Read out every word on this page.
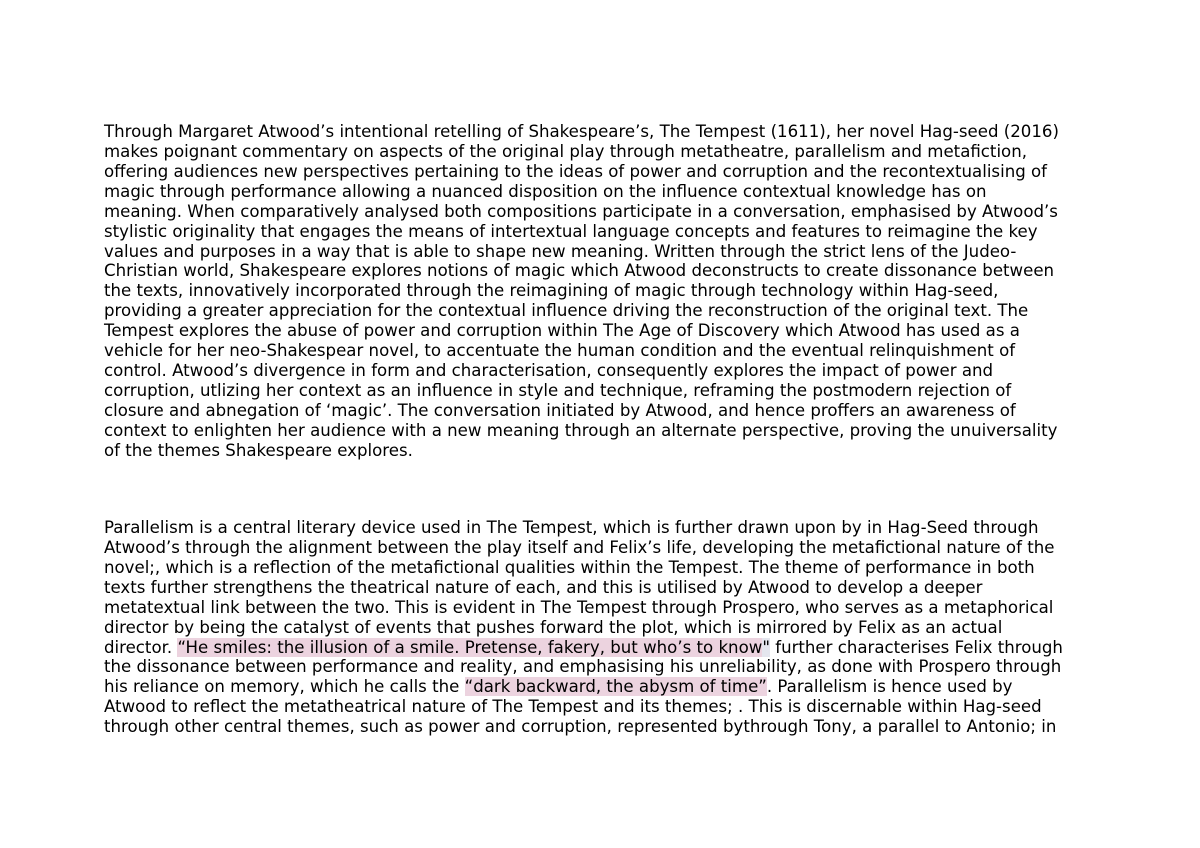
Through Margaret Atwood’s intentional retelling of Shakespeare’s, The Tempest (1611), her novel Hag-seed (2016)
makes poignant commentary on aspects of the original play through metatheatre, parallelism and metafiction,
offering audiences new perspectives pertaining to the ideas of power and corruption and the recontextualising of
magic through performance allowing a nuanced disposition on the influence contextual knowledge has on
meaning. When comparatively analysed both compositions participate in a conversation, emphasised by Atwood’s
stylistic originality that engages the means of intertextual language concepts and features to reimagine the key
values and purposes in a way that is able to shape new meaning. Written through the strict lens of the Judeo-
Christian world, Shakespeare explores notions of magic which Atwood deconstructs to create dissonance between
the texts, innovatively incorporated through the reimagining of magic through technology within Hag-seed,
providing a greater appreciation for the contextual influence driving the reconstruction of the original text. The
Tempest explores the abuse of power and corruption within The Age of Discovery which Atwood has used as a
vehicle for her neo-Shakespear novel, to accentuate the human condition and the eventual relinquishment of
control. Atwood’s divergence in form and characterisation, consequently explores the impact of power and
corruption, utlizing her context as an influence in style and technique, reframing the postmodern rejection of
closure and abnegation of ‘magic’. The conversation initiated by Atwood, and hence proffers an awareness of
context to enlighten her audience with a new meaning through an alternate perspective, proving the unuiversality
of the themes Shakespeare explores.
Parallelism is a central literary device used in The Tempest, which is further drawn upon by in Hag-Seed through
Atwood’s through the alignment between the play itself and Felix’s life, developing the metafictional nature of the
novel;, which is a reflection of the metafictional qualities within the Tempest. The theme of performance in both
texts further strengthens the theatrical nature of each, and this is utilised by Atwood to develop a deeper
metatextual link between the two. This is evident in The Tempest through Prospero, who serves as a metaphorical
director by being the catalyst of events that pushes forward the plot, which is mirrored by Felix as an actual
director. “He smiles: the illusion of a smile. Pretense, fakery, but who’s to know" further characterises Felix through
the dissonance between performance and reality, and emphasising his unreliability, as done with Prospero through
his reliance on memory, which he calls the “dark backward, the abysm of time”. Parallelism is hence used by
Atwood to reflect the metatheatrical nature of The Tempest and its themes; . This is discernable within Hag-seed
through other central themes, such as power and corruption, represented bythrough Tony, a parallel to Antonio; in
